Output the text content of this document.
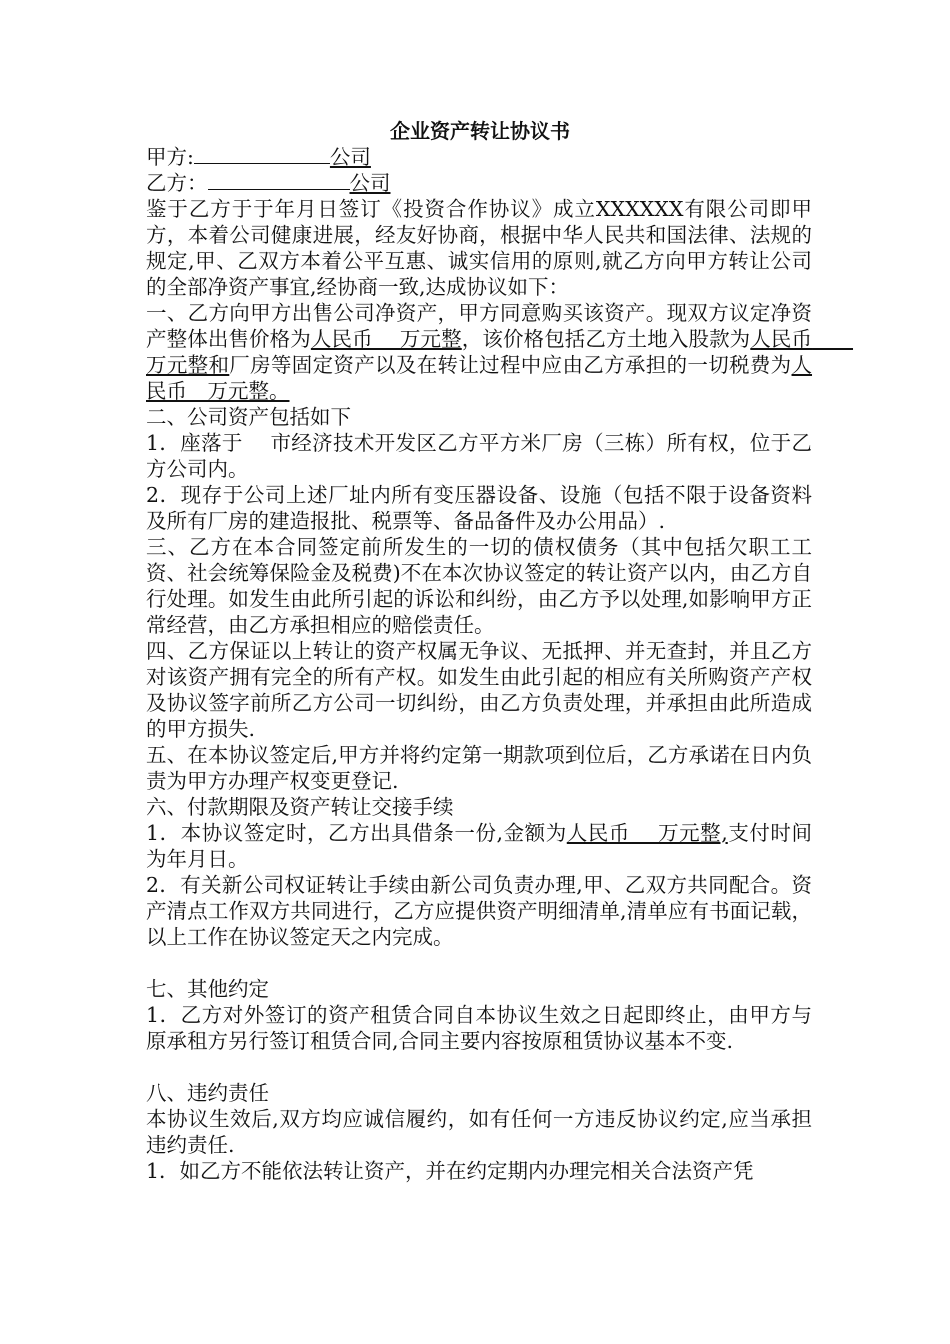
企业资产转让协议书

甲方:	公司

乙方：	公司

鉴于乙方于于年月日签订《投资合作协议》成立XXXXXX有限公司即甲方，本着公司健康进展，经友好协商，根据中华人民共和国法律、法规的规定,甲、乙双方本着公平互惠、诚实信用的原则,就乙方向甲方转让公司的全部净资产事宜,经协商一致,达成协议如下：

一、乙方向甲方出售公司净资产，甲方同意购买该资产。现双方议定净资产整体出售价格为人民币　 万元整，该价格包括乙方土地入股款为人民币　　万元整和厂房等固定资产以及在转让过程中应由乙方承担的一切税费为人民币　万元整。

二、公司资产包括如下

1．座落于　 市经济技术开发区乙方平方米厂房（三栋）所有权，位于乙方公司内。

2．现存于公司上述厂址内所有变压器设备、设施（包括不限于设备资料及所有厂房的建造报批、税票等、备品备件及办公用品）.

三、乙方在本合同签定前所发生的一切的债权债务（其中包括欠职工工资、社会统筹保险金及税费)不在本次协议签定的转让资产以内，由乙方自行处理。如发生由此所引起的诉讼和纠纷，由乙方予以处理,如影响甲方正常经营，由乙方承担相应的赔偿责任。

四、乙方保证以上转让的资产权属无争议、无抵押、并无查封，并且乙方对该资产拥有完全的所有产权。如发生由此引起的相应有关所购资产产权及协议签字前所乙方公司一切纠纷，由乙方负责处理，并承担由此所造成的甲方损失.

五、在本协议签定后,甲方并将约定第一期款项到位后，乙方承诺在日内负责为甲方办理产权变更登记.

六、付款期限及资产转让交接手续

1．本协议签定时，乙方出具借条一份,金额为人民币　 万元整,支付时间为年月日。

2．有关新公司权证转让手续由新公司负责办理,甲、乙双方共同配合。资产清点工作双方共同进行，乙方应提供资产明细清单,清单应有书面记载，以上工作在协议签定天之内完成。

七、其他约定

1．乙方对外签订的资产租赁合同自本协议生效之日起即终止，由甲方与原承租方另行签订租赁合同,合同主要内容按原租赁协议基本不变.

八、违约责任

本协议生效后,双方均应诚信履约，如有任何一方违反协议约定,应当承担违约责任.

1．如乙方不能依法转让资产，并在约定期内办理完相关合法资产凭
